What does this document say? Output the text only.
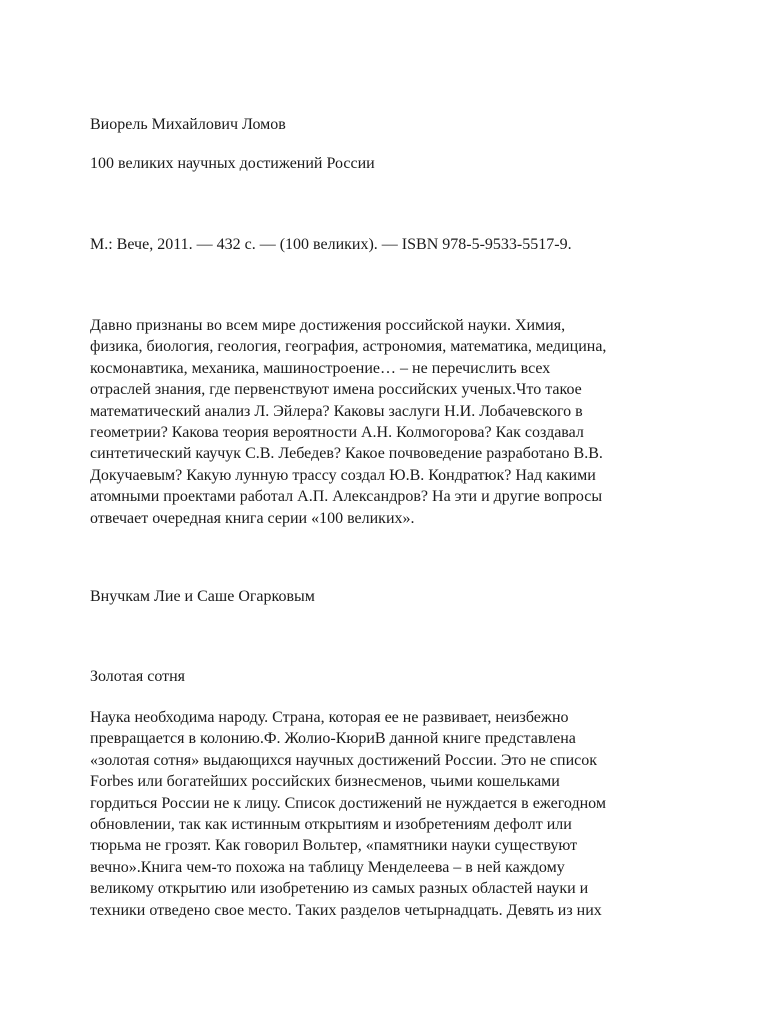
Виорель Михайлович Ломов

100 великих научных достижений России

М.: Вече, 2011. — 432 с. — (100 великих). — ISBN 978-5-9533-5517-9.

Давно признаны во всем мире достижения российской науки. Химия,
физика, биология, геология, география, астрономия, математика, медицина,
космонавтика, механика, машиностроение… – не перечислить всех
отраслей знания, где первенствуют имена российских ученых.Что такое
математический анализ Л. Эйлера? Каковы заслуги Н.И. Лобачевского в
геометрии? Какова теория вероятности А.Н. Колмогорова? Как создавал
синтетический каучук С.В. Лебедев? Какое почвоведение разработано В.В.
Докучаевым? Какую лунную трассу создал Ю.В. Кондратюк? Над какими
атомными проектами работал А.П. Александров? На эти и другие вопросы
отвечает очередная книга серии «100 великих».

Внучкам Лие и Саше Огарковым

Золотая сотня

Наука необходима народу. Страна, которая ее не развивает, неизбежно
превращается в колонию.Ф. Жолио-КюриВ данной книге представлена
«золотая сотня» выдающихся научных достижений России. Это не список
Forbes или богатейших российских бизнесменов, чьими кошельками
гордиться России не к лицу. Список достижений не нуждается в ежегодном
обновлении, так как истинным открытиям и изобретениям дефолт или
тюрьма не грозят. Как говорил Вольтер, «памятники науки существуют
вечно».Книга чем-то похожа на таблицу Менделеева – в ней каждому
великому открытию или изобретению из самых разных областей науки и
техники отведено свое место. Таких разделов четырнадцать. Девять из них
